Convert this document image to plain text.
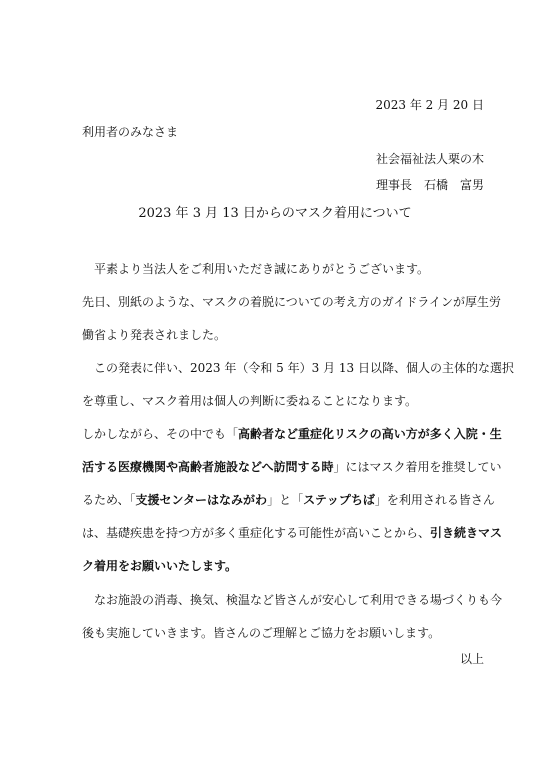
2023 年 2 月 20 日
利用者のみなさま
社会福祉法人栗の木
理事長　石橋　富男
2023 年 3 月 13 日からのマスク着用について
平素より当法人をご利用いただき誠にありがとうございます。
先日、別紙のような、マスクの着脱についての考え方のガイドラインが厚生労
働省より発表されました。
この発表に伴い、2023 年（令和 5 年）3 月 13 日以降、個人の主体的な選択
を尊重し、マスク着用は個人の判断に委ねることになります。
しかしながら、その中でも「高齢者など重症化リスクの高い方が多く入院・生
活する医療機関や高齢者施設などへ訪問する時」にはマスク着用を推奨してい
るため、「支援センターはなみがわ」と「ステップちば」を利用される皆さん
は、基礎疾患を持つ方が多く重症化する可能性が高いことから、引き続きマス
ク着用をお願いいたします。
なお施設の消毒、換気、検温など皆さんが安心して利用できる場づくりも今
後も実施していきます。皆さんのご理解とご協力をお願いします。
以上
